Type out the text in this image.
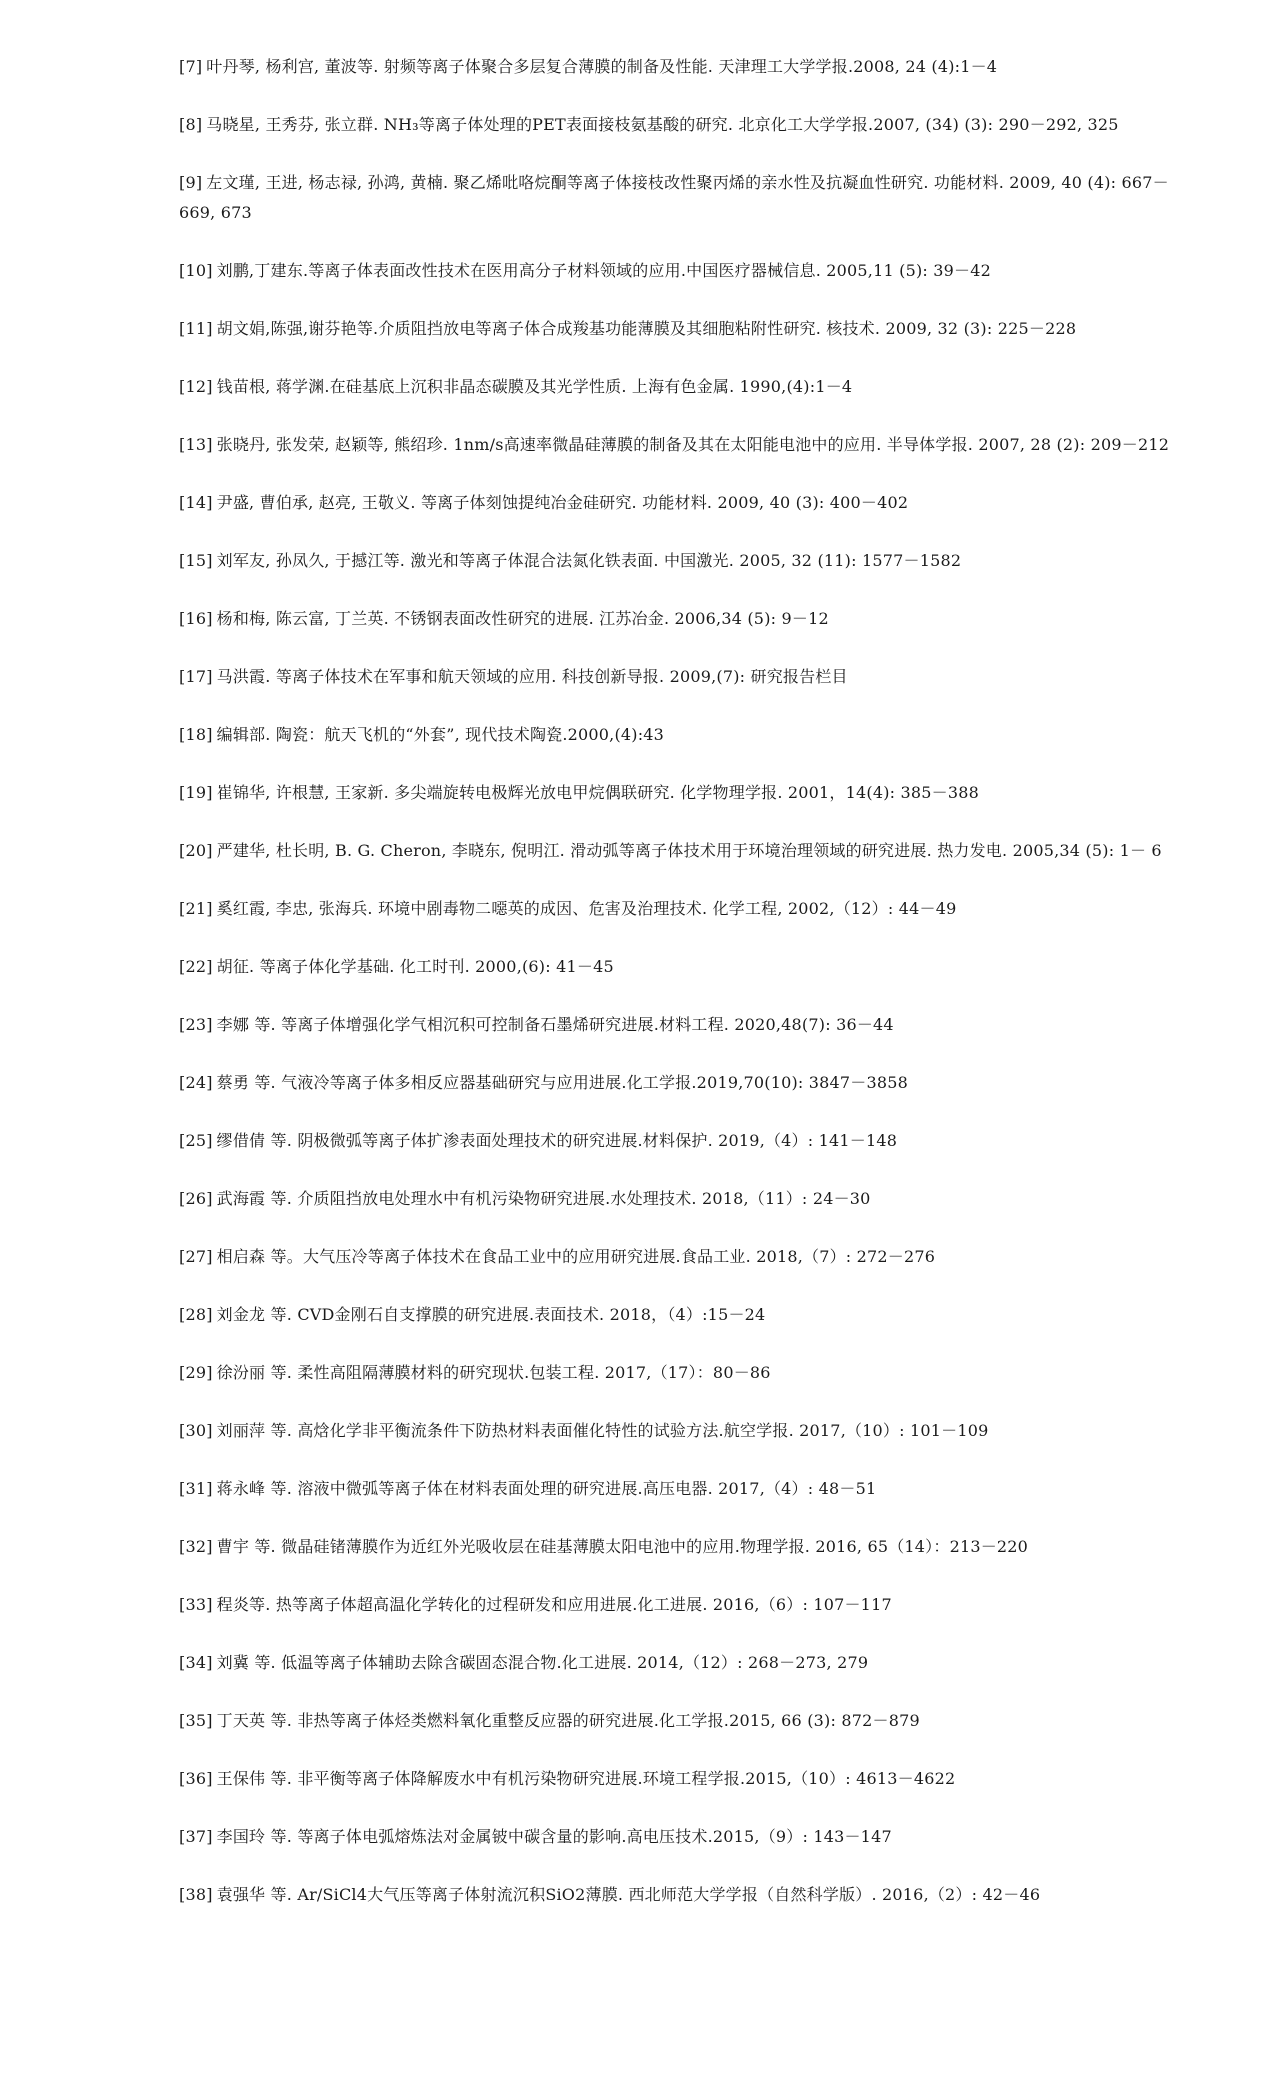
[7] 叶丹琴, 杨利宫, 董波等. 射频等离子体聚合多层复合薄膜的制备及性能. 天津理工大学学报.2008, 24 (4):1－4
[8] 马晓星, 王秀芬, 张立群. NH₃等离子体处理的PET表面接枝氨基酸的研究. 北京化工大学学报.2007, (34) (3): 290－292, 325
[9] 左文瑾, 王进, 杨志禄, 孙鸿, 黄楠. 聚乙烯吡咯烷酮等离子体接枝改性聚丙烯的亲水性及抗凝血性研究. 功能材料. 2009, 40 (4): 667－669, 673
[10] 刘鹏,丁建东.等离子体表面改性技术在医用高分子材料领域的应用.中国医疗器械信息. 2005,11 (5): 39－42
[11] 胡文娟,陈强,谢芬艳等.介质阻挡放电等离子体合成羧基功能薄膜及其细胞粘附性研究. 核技术. 2009, 32 (3): 225－228
[12] 钱苗根, 蒋学渊.在硅基底上沉积非晶态碳膜及其光学性质. 上海有色金属. 1990,(4):1－4
[13] 张晓丹, 张发荣, 赵颖等, 熊绍珍. 1nm/s高速率微晶硅薄膜的制备及其在太阳能电池中的应用. 半导体学报. 2007, 28 (2): 209－212
[14] 尹盛, 曹伯承, 赵亮, 王敬义. 等离子体刻蚀提纯冶金硅研究. 功能材料. 2009, 40 (3): 400－402
[15] 刘军友, 孙凤久, 于撼江等. 激光和等离子体混合法氮化铁表面. 中国激光. 2005, 32 (11): 1577－1582
[16] 杨和梅, 陈云富, 丁兰英. 不锈钢表面改性研究的进展. 江苏冶金. 2006,34 (5): 9－12
[17] 马洪霞. 等离子体技术在军事和航天领域的应用. 科技创新导报. 2009,(7): 研究报告栏目
[18] 编辑部. 陶瓷：航天飞机的“外套”, 现代技术陶瓷.2000,(4):43
[19] 崔锦华, 许根慧, 王家新. 多尖端旋转电极辉光放电甲烷偶联研究. 化学物理学报. 2001，14(4): 385－388
[20] 严建华, 杜长明, B. G. Cheron, 李晓东, 倪明江. 滑动弧等离子体技术用于环境治理领域的研究进展. 热力发电. 2005,34 (5): 1－ 6
[21] 奚红霞, 李忠, 张海兵. 环境中剧毒物二噁英的成因、危害及治理技术. 化学工程, 2002,（12）: 44－49
[22] 胡征. 等离子体化学基础. 化工时刊. 2000,(6): 41－45
[23] 李娜 等. 等离子体增强化学气相沉积可控制备石墨烯研究进展.材料工程. 2020,48(7): 36－44
[24] 蔡勇 等. 气液冷等离子体多相反应器基础研究与应用进展.化工学报.2019,70(10): 3847－3858
[25] 缪借倩 等. 阴极微弧等离子体扩渗表面处理技术的研究进展.材料保护. 2019,（4）: 141－148
[26] 武海霞 等. 介质阻挡放电处理水中有机污染物研究进展.水处理技术. 2018,（11）: 24－30
[27] 相启森 等。大气压冷等离子体技术在食品工业中的应用研究进展.食品工业. 2018,（7）: 272－276
[28] 刘金龙 等. CVD金刚石自支撑膜的研究进展.表面技术. 2018，（4）:15－24
[29] 徐汾丽 等. 柔性高阻隔薄膜材料的研究现状.包装工程. 2017,（17）：80－86
[30] 刘丽萍 等. 高焓化学非平衡流条件下防热材料表面催化特性的试验方法.航空学报. 2017,（10）: 101－109
[31] 蒋永峰 等. 溶液中微弧等离子体在材料表面处理的研究进展.高压电器. 2017,（4）: 48－51
[32] 曹宇 等. 微晶硅锗薄膜作为近红外光吸收层在硅基薄膜太阳电池中的应用.物理学报. 2016, 65（14）：213－220
[33] 程炎等. 热等离子体超高温化学转化的过程研发和应用进展.化工进展. 2016,（6）: 107－117
[34] 刘冀 等. 低温等离子体辅助去除含碳固态混合物.化工进展. 2014,（12）: 268－273, 279
[35] 丁天英 等. 非热等离子体烃类燃料氧化重整反应器的研究进展.化工学报.2015, 66 (3): 872－879
[36] 王保伟 等. 非平衡等离子体降解废水中有机污染物研究进展.环境工程学报.2015,（10）: 4613－4622
[37] 李国玲 等. 等离子体电弧熔炼法对金属铍中碳含量的影响.高电压技术.2015,（9）: 143－147
[38] 袁强华 等. Ar/SiCl4大气压等离子体射流沉积SiO2薄膜. 西北师范大学学报（自然科学版）. 2016,（2）: 42－46
